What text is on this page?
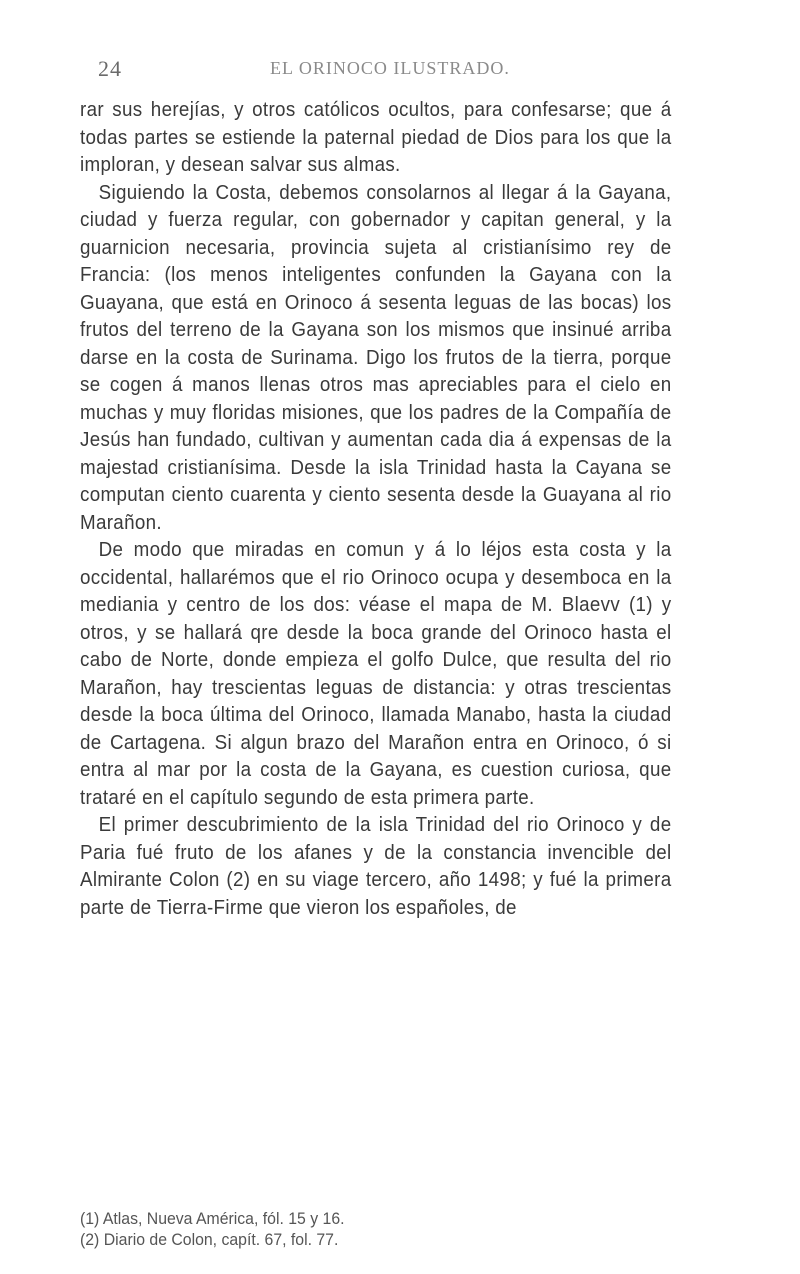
24	EL ORINOCO ILUSTRADO.

rar sus herejías, y otros católicos ocultos, para confesarse; que á todas partes se estiende la paternal piedad de Dios para los que la imploran, y desean salvar sus almas.

Siguiendo la Costa, debemos consolarnos al llegar á la Gayana, ciudad y fuerza regular, con gobernador y capitan general, y la guarnicion necesaria, provincia sujeta al cristianísimo rey de Francia: (los menos inteligentes confunden la Gayana con la Guayana, que está en Orinoco á sesenta leguas de las bocas) los frutos del terreno de la Gayana son los mismos que insinué arriba darse en la costa de Surinama. Digo los frutos de la tierra, porque se cogen á manos llenas otros mas apreciables para el cielo en muchas y muy floridas misiones, que los padres de la Compañía de Jesús han fundado, cultivan y aumentan cada dia á expensas de la majestad cristianísima. Desde la isla Trinidad hasta la Cayana se computan ciento cuarenta y ciento sesenta desde la Guayana al rio Marañon.

De modo que miradas en comun y á lo léjos esta costa y la occidental, hallarémos que el rio Orinoco ocupa y desemboca en la mediania y centro de los dos: véase el mapa de M. Blaevv (1) y otros, y se hallará qre desde la boca grande del Orinoco hasta el cabo de Norte, donde empieza el golfo Dulce, que resulta del rio Marañon, hay trescientas leguas de distancia: y otras trescientas desde la boca última del Orinoco, llamada Manabo, hasta la ciudad de Cartagena. Si algun brazo del Marañon entra en Orinoco, ó si entra al mar por la costa de la Gayana, es cuestion curiosa, que trataré en el capítulo segundo de esta primera parte.

El primer descubrimiento de la isla Trinidad del rio Orinoco y de Paria fué fruto de los afanes y de la constancia invencible del Almirante Colon (2) en su viage tercero, año 1498; y fué la primera parte de Tierra-Firme que vieron los españoles, de

(1) Atlas, Nueva América, fól. 15 y 16.
(2) Diario de Colon, capít. 67, fol. 77.
